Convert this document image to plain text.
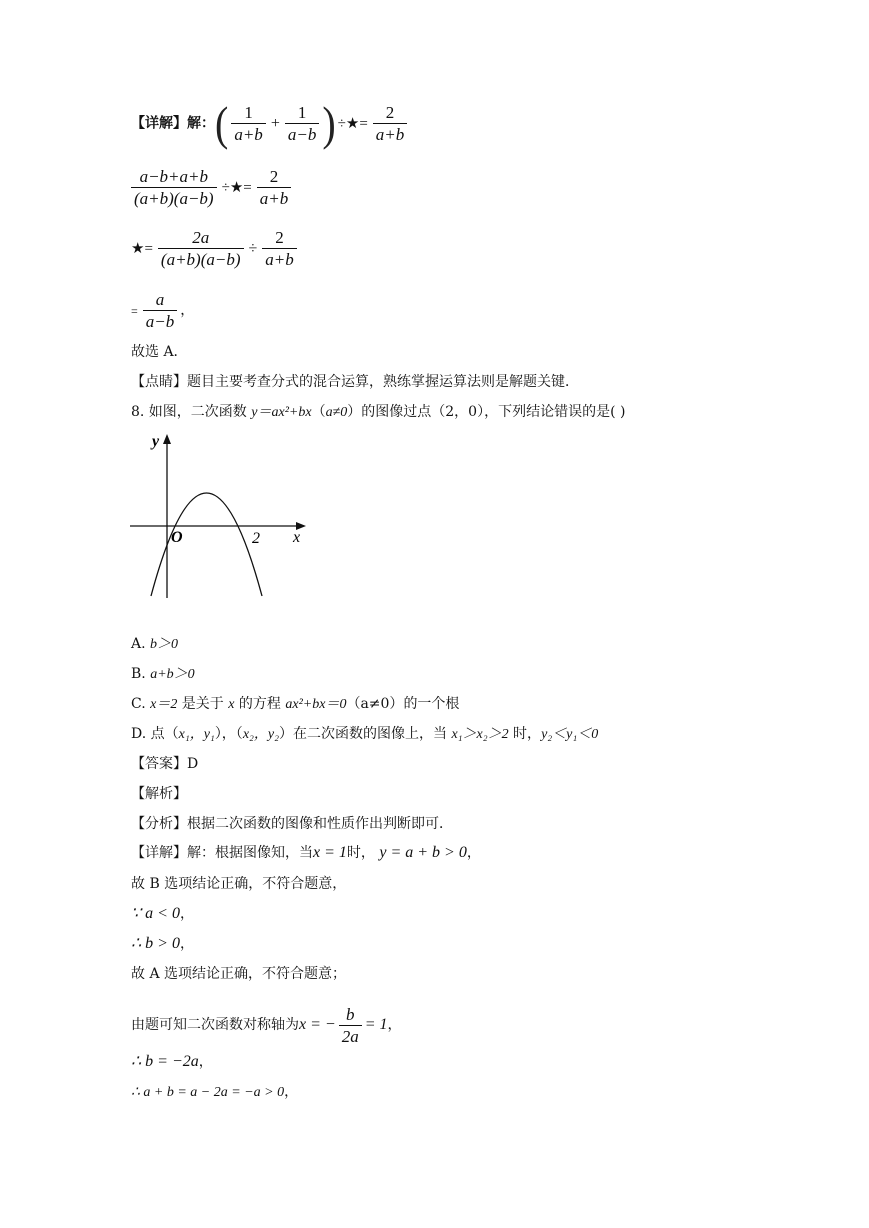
【详解】解：( $\frac{1}{a+b} + \frac{1}{a-b}$ ) ÷★= $\frac{2}{a+b}$
$\frac{a-b+a+b}{(a+b)(a-b)}$ ÷★= $\frac{2}{a+b}$
★= $\frac{2a}{(a+b)(a-b)} \div \frac{2}{a+b}$
= $\frac{a}{a-b}$ ，
故选 A．
【点睛】题目主要考查分式的混合运算，熟练掌握运算法则是解题关键．
8. 如图，二次函数 y＝ax²+bx（a≠0）的图像过点（2，0），下列结论错误的是( )
y
x
O	2
A. b＞0
B. a+b＞0
C. x＝2 是关于 x 的方程 ax²+bx＝0（a≠0）的一个根
D. 点（x₁，y₁），（x₂，y₂）在二次函数的图像上，当 x₁＞x₂＞2 时，y₂＜y₁＜0
【答案】D
【解析】
【分析】根据二次函数的图像和性质作出判断即可．
【详解】解：根据图像知，当x = 1时， y = a + b > 0，
故 B 选项结论正确，不符合题意，
∵ a < 0，
∴ b > 0，
故 A 选项结论正确，不符合题意；
由题可知二次函数对称轴为x = − $\frac{b}{2a} = 1$，
∴ b = −2a，
∴ a + b = a − 2a = −a > 0，
